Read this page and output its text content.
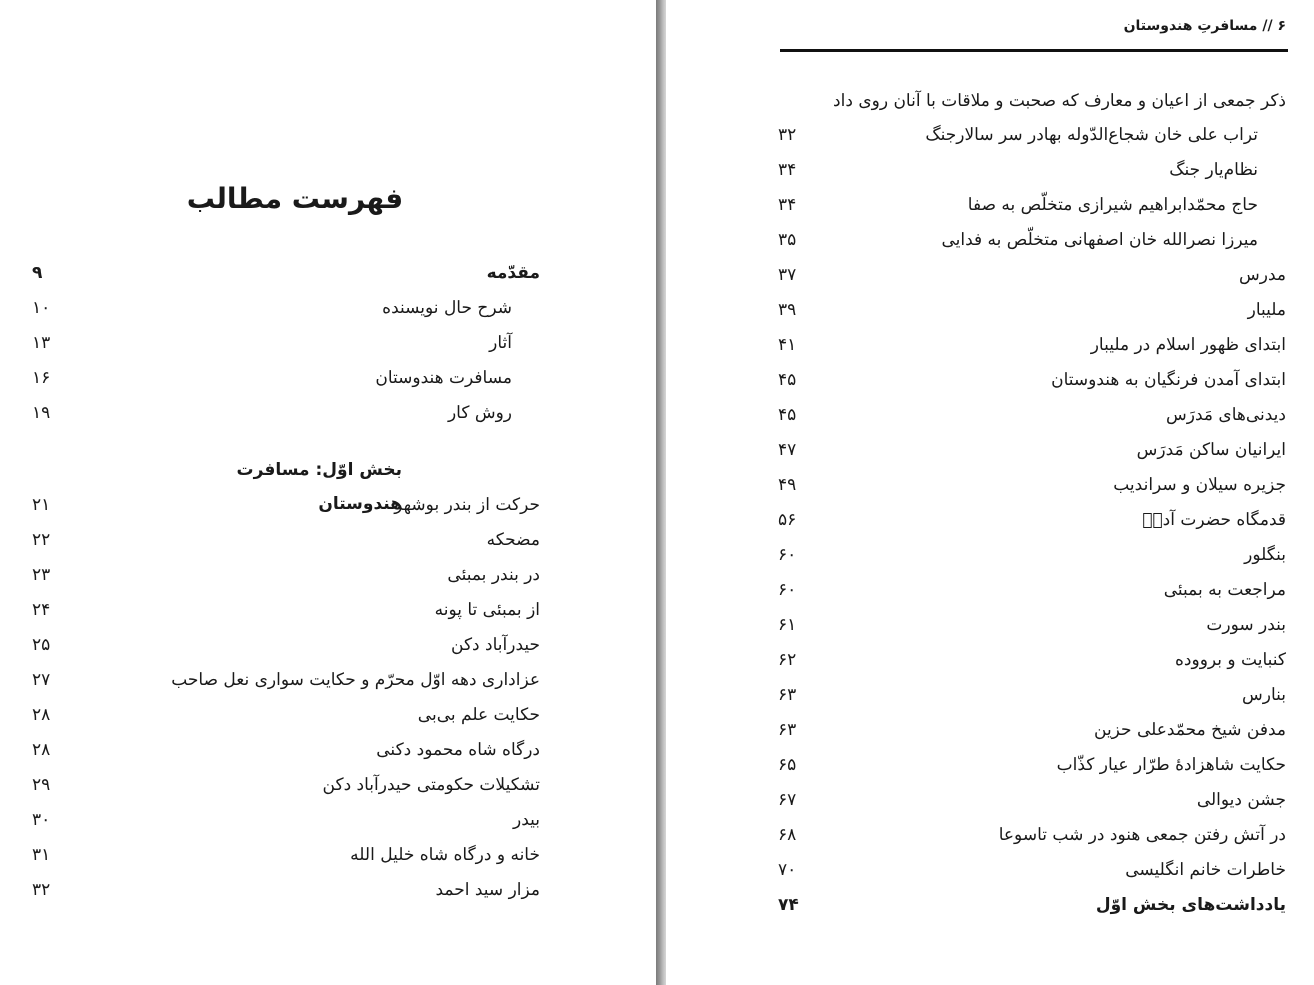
فهرست مطالب
مقدّمه
۹
شرح حال نویسنده
۱۰
آثار
۱۳
مسافرت هندوستان
۱۶
روش کار
۱۹
بخش اوّل: مسافرت هندوستان
حرکت از بندر بوشهر
۲۱
مضحکه
۲۲
در بندر بمبئی
۲۳
از بمبئی تا پونه
۲۴
حیدرآباد دکن
۲۵
عزاداری دهه اوّل محرّم و حکایت سواری نعل صاحب
۲۷
حکایت علم بی‌بی
۲۸
درگاه شاه محمود دکنی
۲۸
تشکیلات حکومتی حیدرآباد دکن
۲۹
بیدر
۳۰
خانه و درگاه شاه خلیل الله
۳۱
مزار سید احمد
۳۲
۶ // مسافرتِ هندوستان
ذکر جمعی از اعیان و معارف که صحبت و ملاقات با آنان روی داد
تراب علی خان شجاع‌الدّوله بهادر سر سالارجنگ
۳۲
نظام‌یار جنگ
۳۴
حاج محمّدابراهیم شیرازی متخلّص به صفا
۳۴
میرزا نصرالله خان اصفهانی متخلّص به فدایی
۳۵
مدرس
۳۷
ملیبار
۳۹
ابتدای ظهور اسلام در ملیبار
۴۱
ابتدای آمدن فرنگیان به هندوستان
۴۵
دیدنی‌های مَدرَس
۴۵
ایرانیان ساکن مَدرَس
۴۷
جزیره سیلان و سراندیب
۴۹
قدمگاه حضرت آدمؑ
۵۶
بنگلور
۶۰
مراجعت به بمبئی
۶۰
بندر سورت
۶۱
کنبایت و برووده
۶۲
بنارس
۶۳
مدفن شیخ محمّدعلی حزین
۶۳
حکایت شاهزادهٔ طرّار عیار کذّاب
۶۵
جشن دیوالی
۶۷
در آتش رفتن جمعی هنود در شب تاسوعا
۶۸
خاطرات خانم انگلیسی
۷۰
یادداشت‌های بخش اوّل
۷۴
